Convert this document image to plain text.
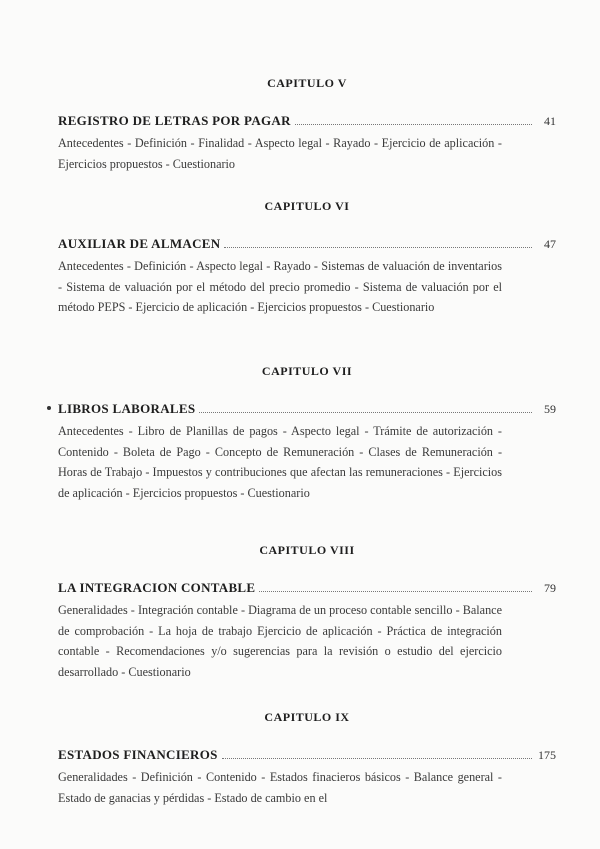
CAPITULO V
REGISTRO DE LETRAS POR PAGAR	41

Antecedentes - Definición - Finalidad - Aspecto legal - Rayado - Ejercicio de aplicación - Ejercicios propuestos - Cuestionario

CAPITULO VI
AUXILIAR DE ALMACEN	47

Antecedentes - Definición - Aspecto legal - Rayado - Sistemas de valuación de inventarios - Sistema de valuación por el método del precio promedio - Sistema de valuación por el método PEPS - Ejercicio de aplicación - Ejercicios propuestos - Cuestionario

CAPITULO VII
LIBROS LABORALES	59

Antecedentes - Libro de Planillas de pagos - Aspecto legal - Trámite de autorización - Contenido - Boleta de Pago - Concepto de Remuneración - Clases de Remuneración - Horas de Trabajo - Impuestos y contribuciones que afectan las remuneraciones - Ejercicios de aplicación - Ejercicios propuestos - Cuestionario

CAPITULO VIII
LA INTEGRACION CONTABLE	79

Generalidades - Integración contable - Diagrama de un proceso contable sencillo - Balance de comprobación - La hoja de trabajo Ejercicio de aplicación - Práctica de integración contable - Recomendaciones y/o sugerencias para la revisión o estudio del ejercicio desarrollado - Cuestionario

CAPITULO IX
ESTADOS FINANCIEROS	175

Generalidades - Definición - Contenido - Estados finacieros básicos - Balance general - Estado de ganacias y pérdidas - Estado de cambio en el
